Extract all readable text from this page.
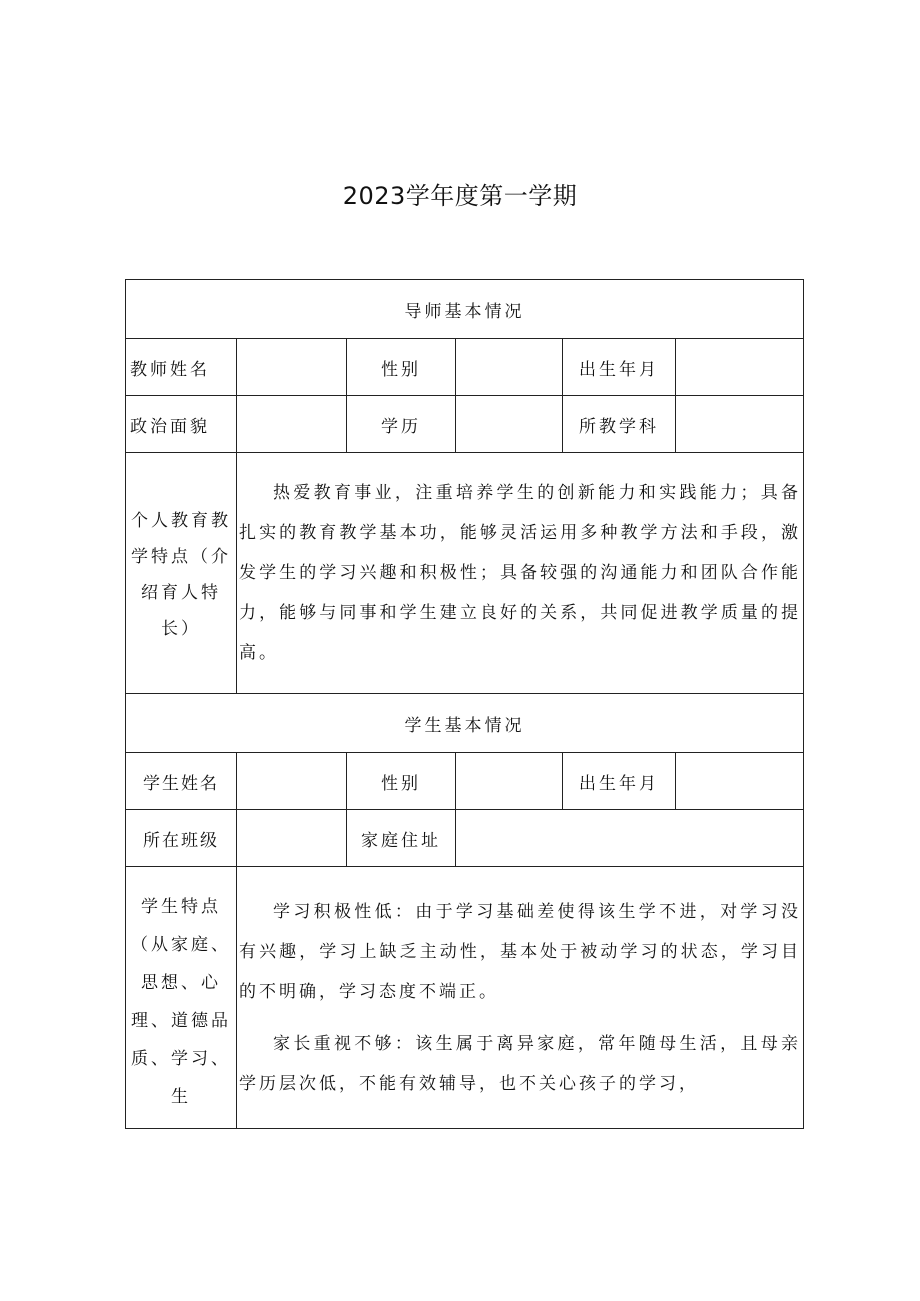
2023学年度第一学期
导师基本情况					
教师姓名		性别		出生年月	
政治面貌		学历		所教学科	
个人教育教学特点（介绍育人特长）	热爱教育事业，注重培养学生的创新能力和实践能力；具备扎实的教育教学基本功，能够灵活运用多种教学方法和手段，激发学生的学习兴趣和积极性；具备较强的沟通能力和团队合作能力，能够与同事和学生建立良好的关系，共同促进教学质量的提高。				

学生基本情况					
学生姓名		性别		出生年月	
所在班级		家庭住址			
学生特点（从家庭、思想、心理、道德品质、学习、生	学习积极性低：由于学习基础差使得该生学不进，对学习没有兴趣，学习上缺乏主动性，基本处于被动学习的状态，学习目的不明确，学习态度不端正。

家长重视不够：该生属于离异家庭，常年随母生活，且母亲学历层次低，不能有效辅导，也不关心孩子的学习，				
